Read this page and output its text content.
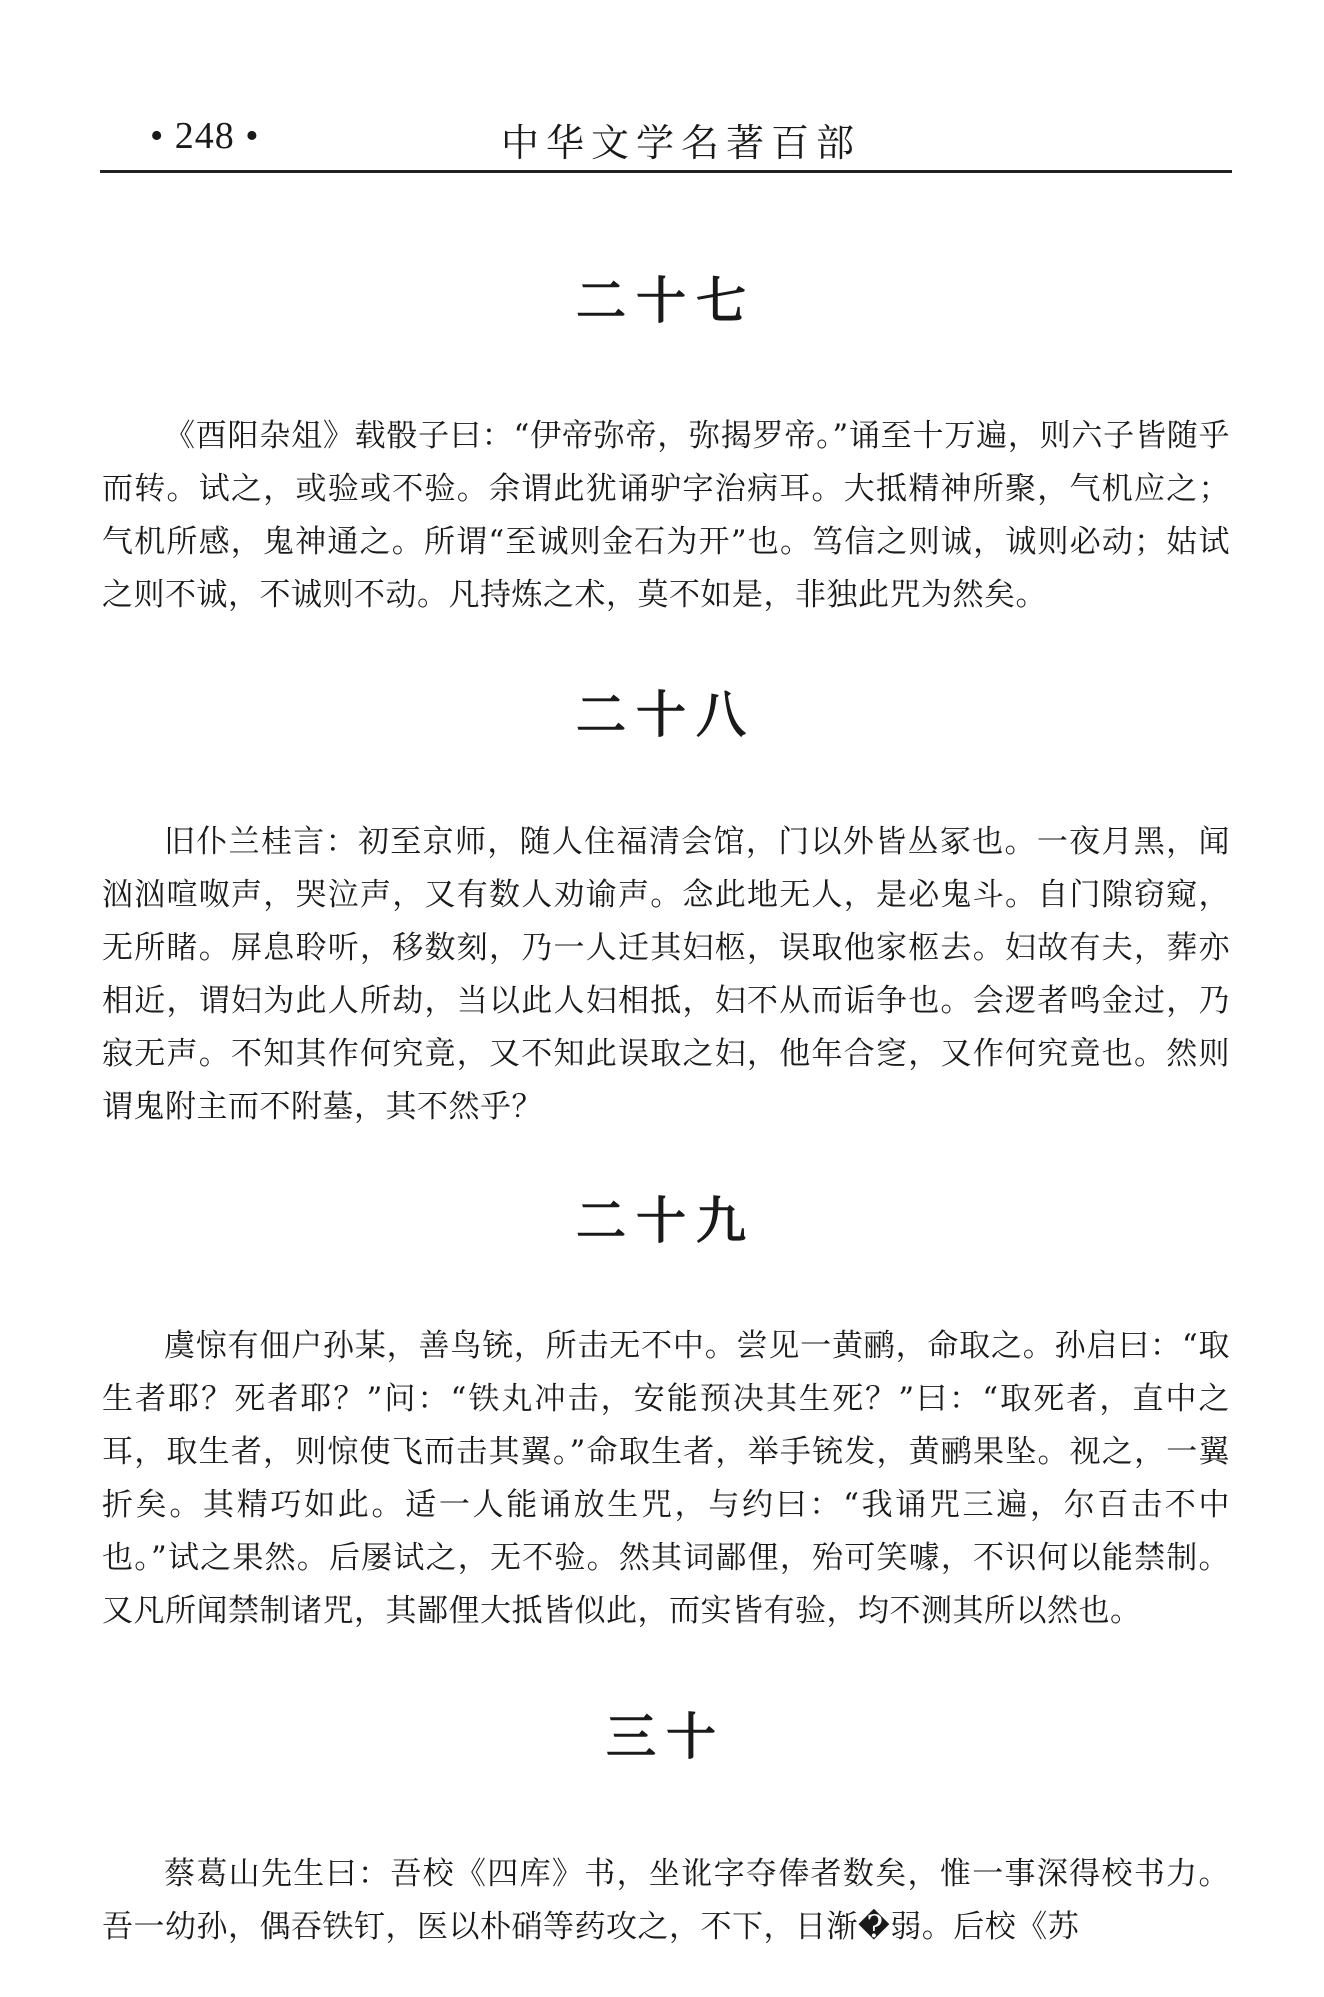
• 248 •	中华文学名著百部
二十七

《酉阳杂俎》载骰子曰：“伊帝弥帝，弥揭罗帝。”诵至十万遍，则六子皆随乎而转。试之，或验或不验。余谓此犹诵驴字治病耳。大抵精神所聚，气机应之；气机所感，鬼神通之。所谓“至诚则金石为开”也。笃信之则诚，诚则必动；姑试之则不诚，不诚则不动。凡持炼之术，莫不如是，非独此咒为然矣。

二十八

旧仆兰桂言：初至京师，随人住福清会馆，门以外皆丛冢也。一夜月黑，闻汹汹喧呶声，哭泣声，又有数人劝谕声。念此地无人，是必鬼斗。自门隙窃窥，无所睹。屏息聆听，移数刻，乃一人迁其妇柩，误取他家柩去。妇故有夫，葬亦相近，谓妇为此人所劫，当以此人妇相抵，妇不从而诟争也。会逻者鸣金过，乃寂无声。不知其作何究竟，又不知此误取之妇，他年合窆，又作何究竟也。然则谓鬼附主而不附墓，其不然乎？

二十九

虞惊有佃户孙某，善鸟铳，所击无不中。尝见一黄鹂，命取之。孙启曰：“取生者耶？死者耶？”问：“铁丸冲击，安能预决其生死？”曰：“取死者，直中之耳，取生者，则惊使飞而击其翼。”命取生者，举手铳发，黄鹂果坠。视之，一翼折矣。其精巧如此。适一人能诵放生咒，与约曰：“我诵咒三遍，尔百击不中也。”试之果然。后屡试之，无不验。然其词鄙俚，殆可笑噱，不识何以能禁制。又凡所闻禁制诸咒，其鄙俚大抵皆似此，而实皆有验，均不测其所以然也。

三十

蔡葛山先生曰：吾校《四库》书，坐讹字夺俸者数矣，惟一事深得校书力。吾一幼孙，偶吞铁钉，医以朴硝等药攻之，不下，日渐�弱。后校《苏
